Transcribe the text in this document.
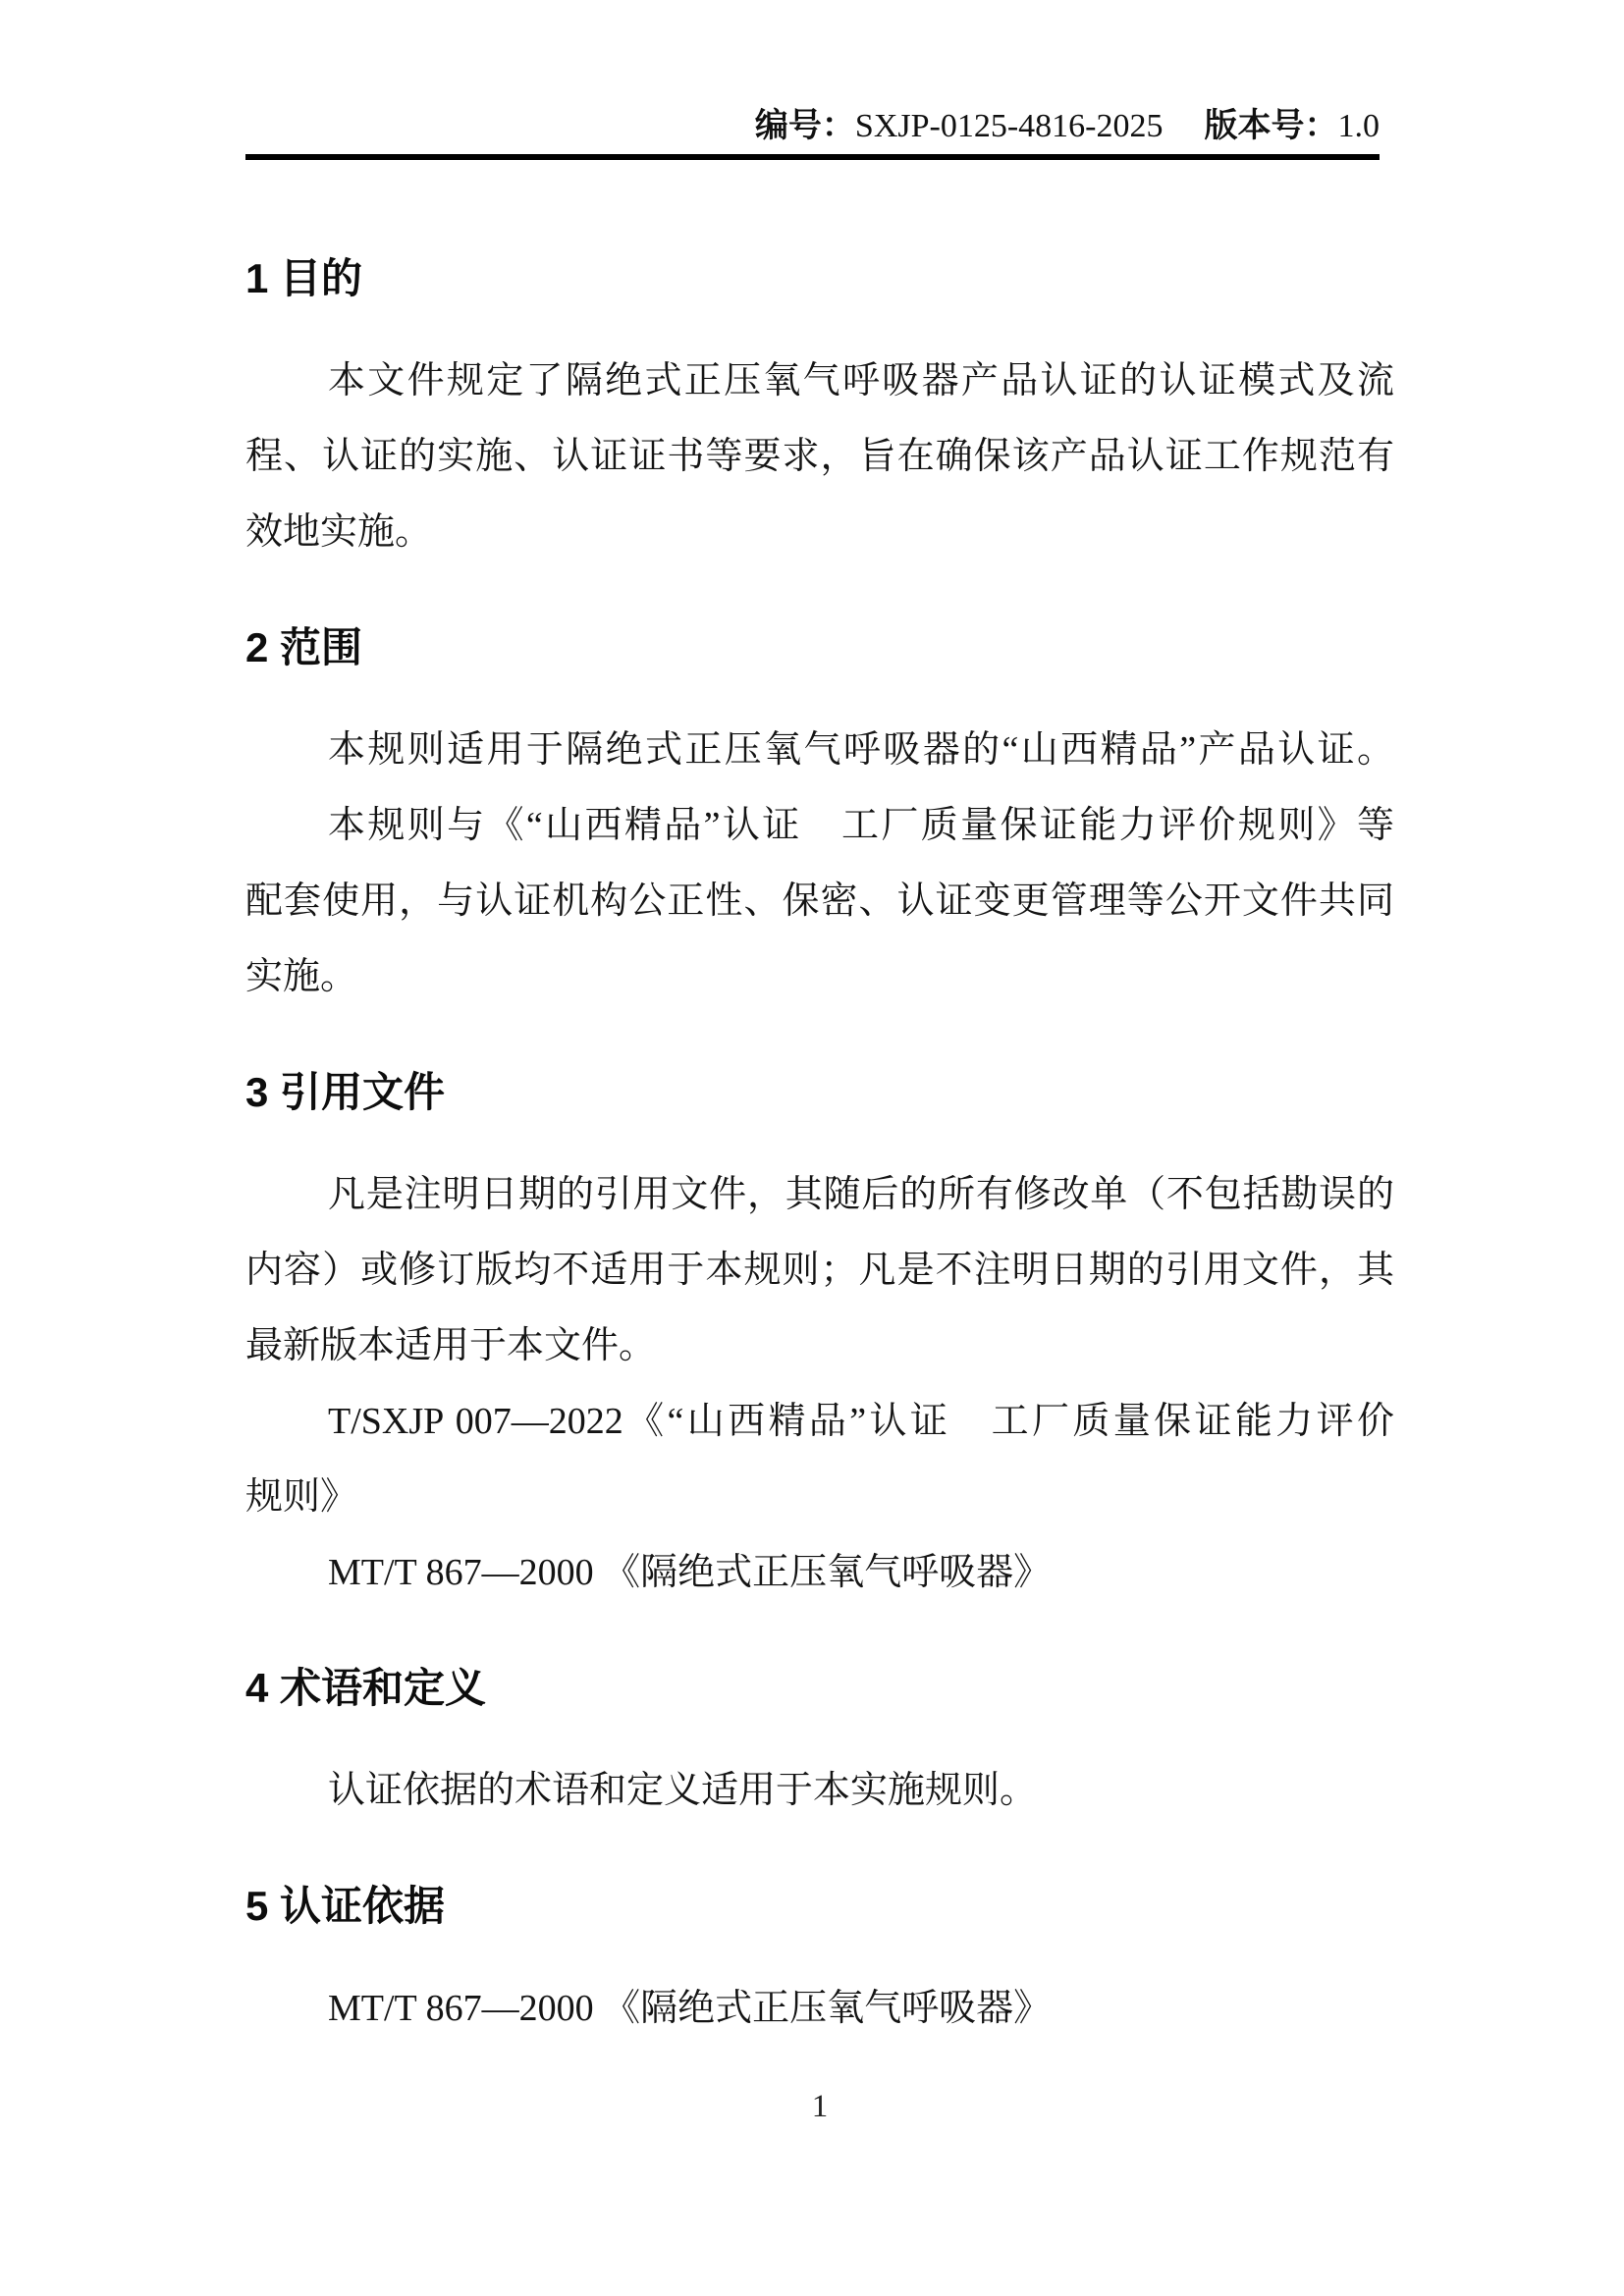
编号：SXJP-0125-4816-2025 版本号：1.0
1 目的
本文件规定了隔绝式正压氧气呼吸器产品认证的认证模式及流
程、认证的实施、认证证书等要求，旨在确保该产品认证工作规范有
效地实施。
2 范围
本规则适用于隔绝式正压氧气呼吸器的“山西精品”产品认证。
本规则与《“山西精品”认证　工厂质量保证能力评价规则》等
配套使用，与认证机构公正性、保密、认证变更管理等公开文件共同
实施。
3 引用文件
凡是注明日期的引用文件，其随后的所有修改单（不包括勘误的
内容）或修订版均不适用于本规则；凡是不注明日期的引用文件，其
最新版本适用于本文件。
T/SXJP 007—2022《“山西精品”认证　工厂质量保证能力评价
规则》
MT/T 867—2000 《隔绝式正压氧气呼吸器》
4 术语和定义
认证依据的术语和定义适用于本实施规则。
5 认证依据
MT/T 867—2000 《隔绝式正压氧气呼吸器》
1
